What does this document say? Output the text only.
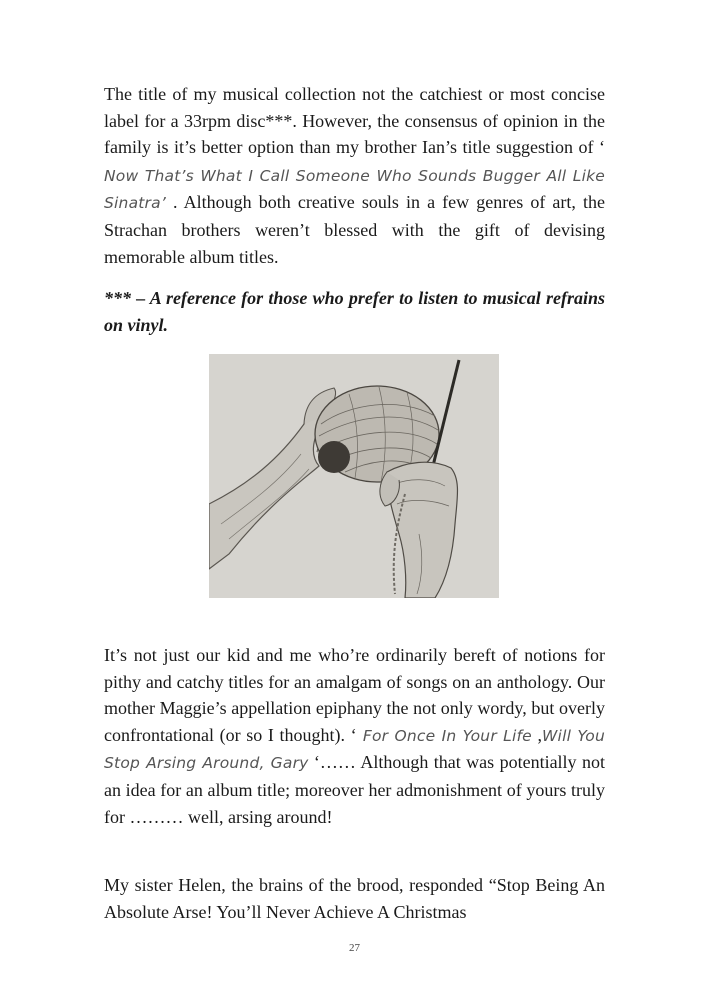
The title of my musical collection not the catchiest or most concise label for a 33rpm disc***. However, the consensus of opinion in the family is it’s better option than my brother Ian’s title suggestion of ‘ Now That’s What I Call Someone Who Sounds Bugger All Like Sinatra’ . Although both creative souls in a few genres of art, the Strachan brothers weren’t blessed with the gift of devising memorable album titles.

*** – A reference for those who prefer to listen to musical refrains on vinyl.

It’s not just our kid and me who’re ordinarily bereft of notions for pithy and catchy titles for an amalgam of songs on an anthology. Our mother Maggie’s appellation epiphany the not only wordy, but overly confrontational (or so I thought). ‘ For Once In Your Life ,Will You Stop Arsing Around, Gary ‘…… Although that was potentially not an idea for an album title; moreover her admonishment of yours truly for ……… well, arsing around!

My sister Helen, the brains of the brood, responded “Stop Being An Absolute Arse! You’ll Never Achieve A Christmas

27
